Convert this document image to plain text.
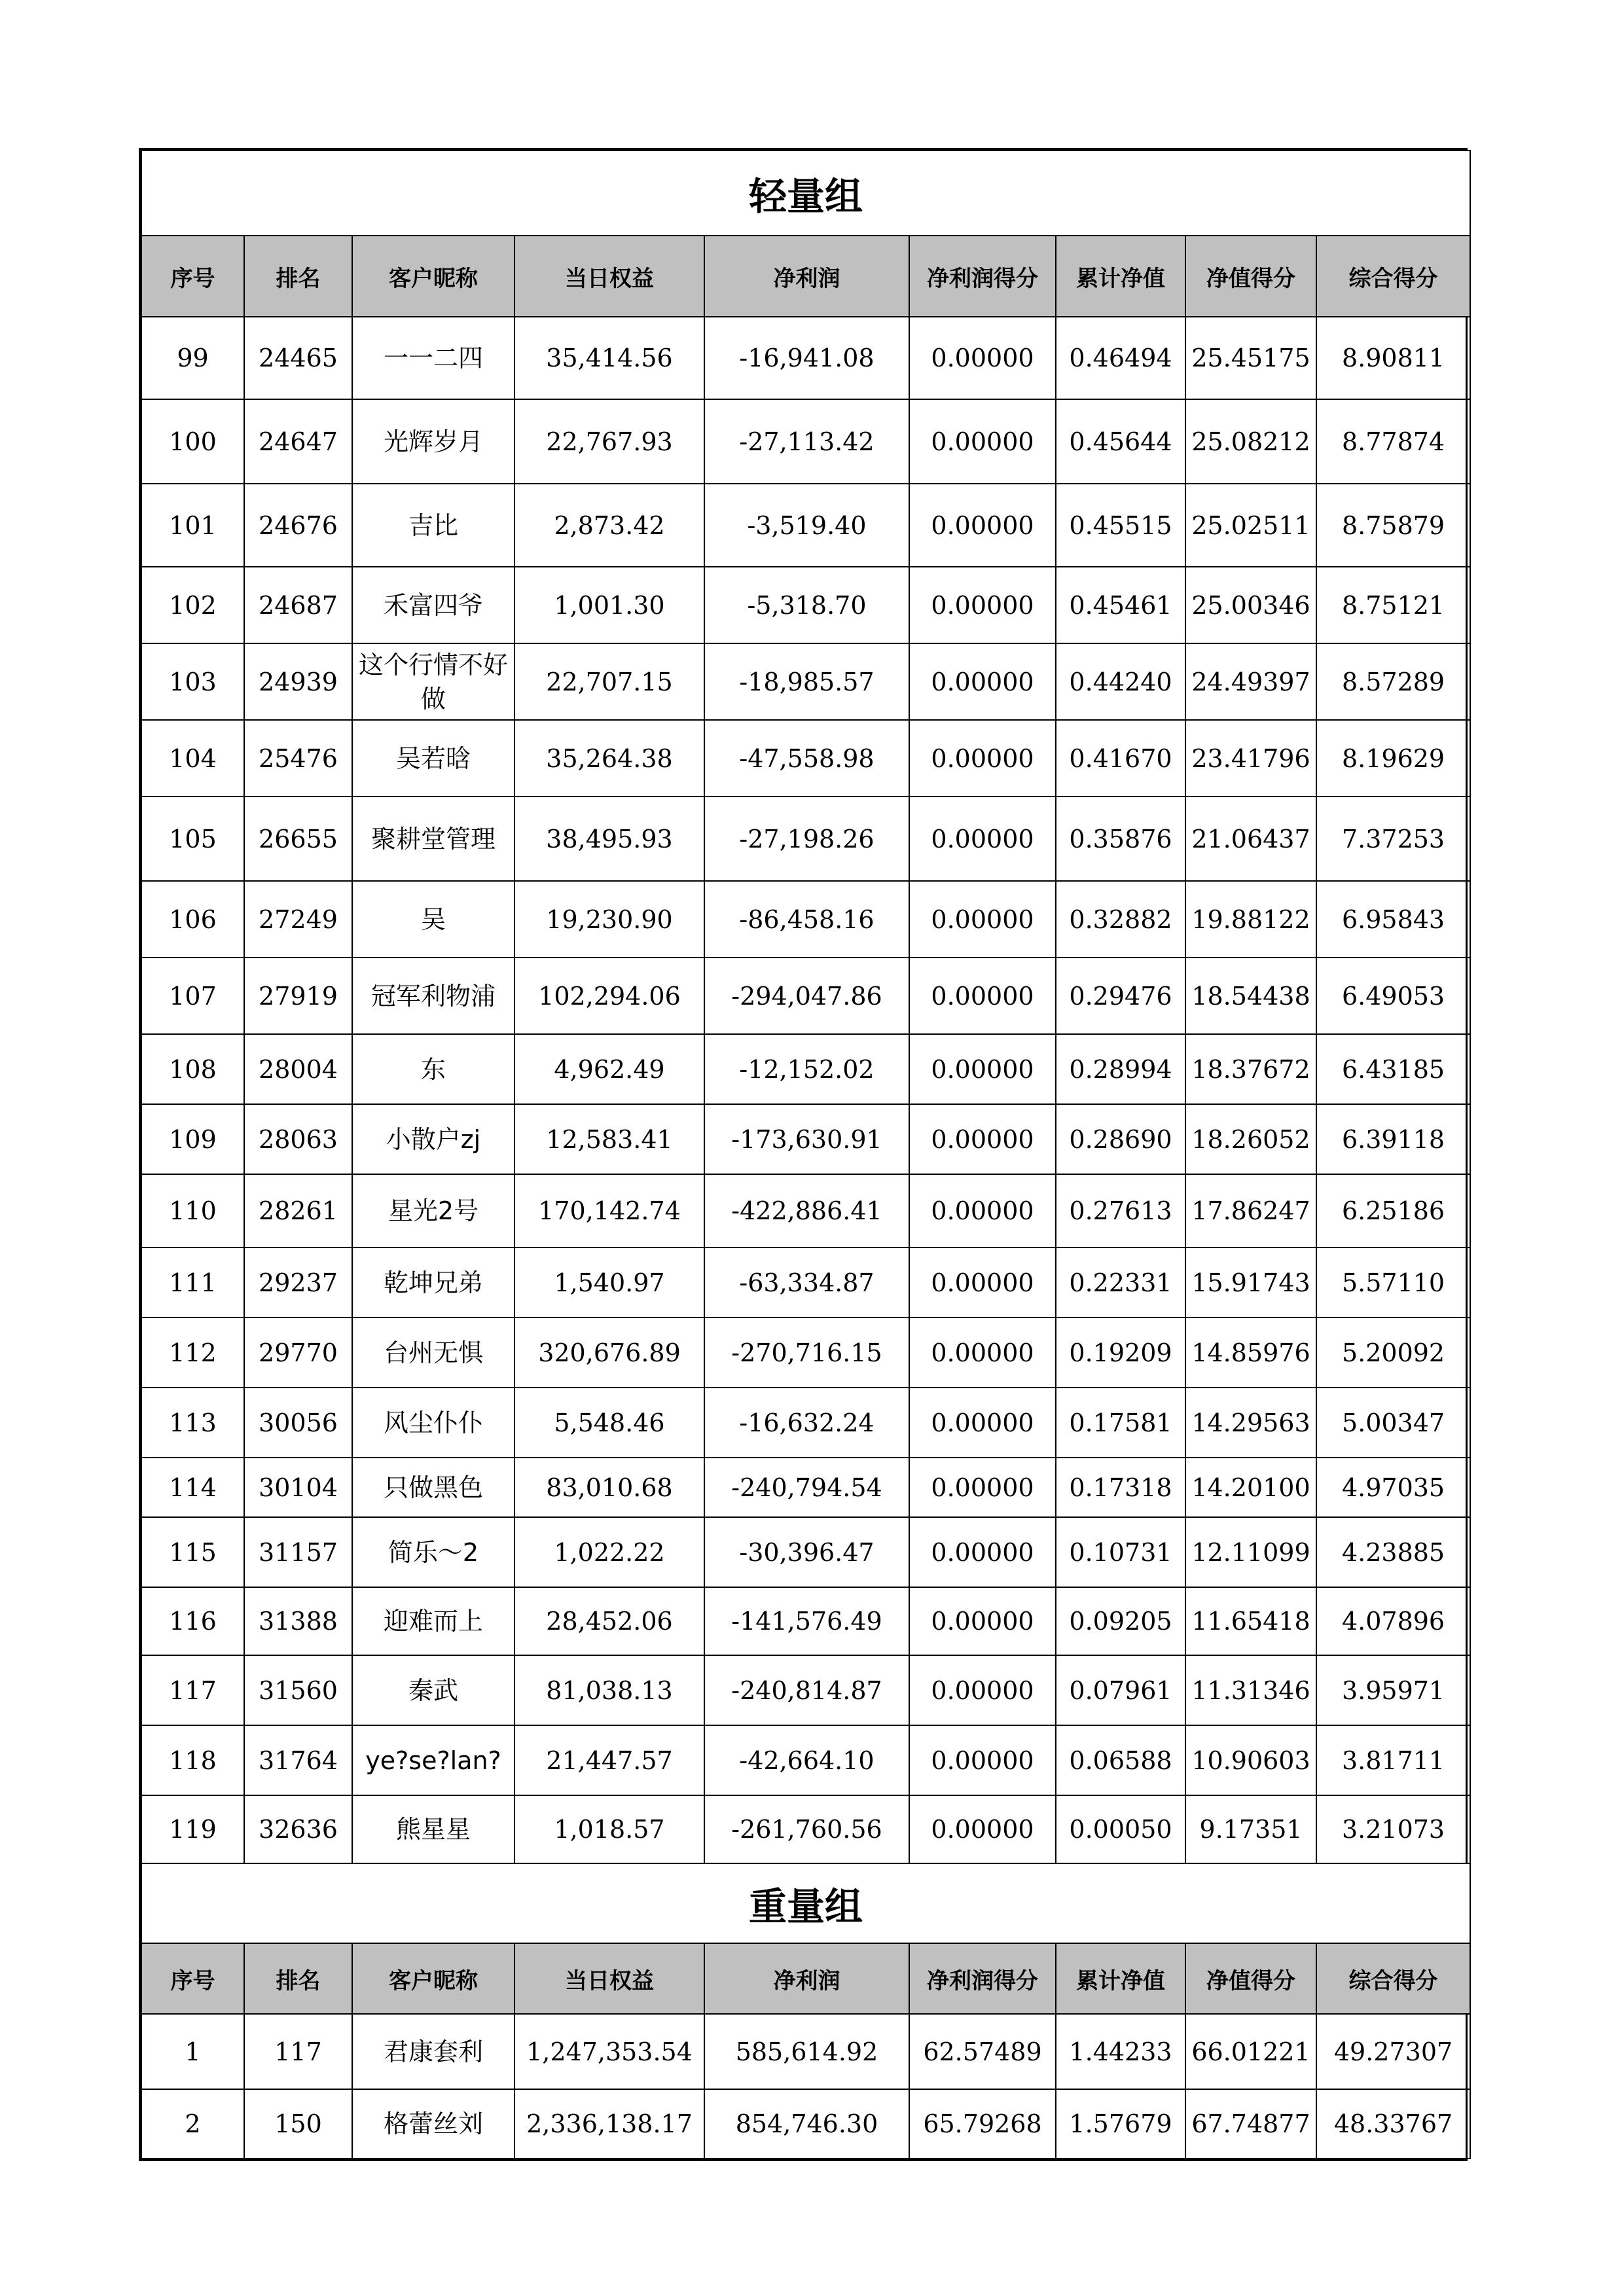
轻量组								
序号	排名	客户昵称	当日权益	净利润	净利润得分	累计净值	净值得分	综合得分
99	24465	一一二四	35,414.56	-16,941.08	0.00000	0.46494	25.45175	8.90811
100	24647	光辉岁月	22,767.93	-27,113.42	0.00000	0.45644	25.08212	8.77874
101	24676	吉比	2,873.42	-3,519.40	0.00000	0.45515	25.02511	8.75879
102	24687	禾富四爷	1,001.30	-5,318.70	0.00000	0.45461	25.00346	8.75121
103	24939	这个行情不好做	22,707.15	-18,985.57	0.00000	0.44240	24.49397	8.57289
104	25476	吴若晗	35,264.38	-47,558.98	0.00000	0.41670	23.41796	8.19629
105	26655	聚耕堂管理	38,495.93	-27,198.26	0.00000	0.35876	21.06437	7.37253
106	27249	吴	19,230.90	-86,458.16	0.00000	0.32882	19.88122	6.95843
107	27919	冠军利物浦	102,294.06	-294,047.86	0.00000	0.29476	18.54438	6.49053
108	28004	东	4,962.49	-12,152.02	0.00000	0.28994	18.37672	6.43185
109	28063	小散户zj	12,583.41	-173,630.91	0.00000	0.28690	18.26052	6.39118
110	28261	星光2号	170,142.74	-422,886.41	0.00000	0.27613	17.86247	6.25186
111	29237	乾坤兄弟	1,540.97	-63,334.87	0.00000	0.22331	15.91743	5.57110
112	29770	台州无惧	320,676.89	-270,716.15	0.00000	0.19209	14.85976	5.20092
113	30056	风尘仆仆	5,548.46	-16,632.24	0.00000	0.17581	14.29563	5.00347
114	30104	只做黑色	83,010.68	-240,794.54	0.00000	0.17318	14.20100	4.97035
115	31157	简乐～2	1,022.22	-30,396.47	0.00000	0.10731	12.11099	4.23885
116	31388	迎难而上	28,452.06	-141,576.49	0.00000	0.09205	11.65418	4.07896
117	31560	秦武	81,038.13	-240,814.87	0.00000	0.07961	11.31346	3.95971
118	31764	ye?se?lan?	21,447.57	-42,664.10	0.00000	0.06588	10.90603	3.81711
119	32636	熊星星	1,018.57	-261,760.56	0.00000	0.00050	9.17351	3.21073
重量组								
序号	排名	客户昵称	当日权益	净利润	净利润得分	累计净值	净值得分	综合得分
1	117	君康套利	1,247,353.54	585,614.92	62.57489	1.44233	66.01221	49.27307
2	150	格蕾丝刘	2,336,138.17	854,746.30	65.79268	1.57679	67.74877	48.33767
